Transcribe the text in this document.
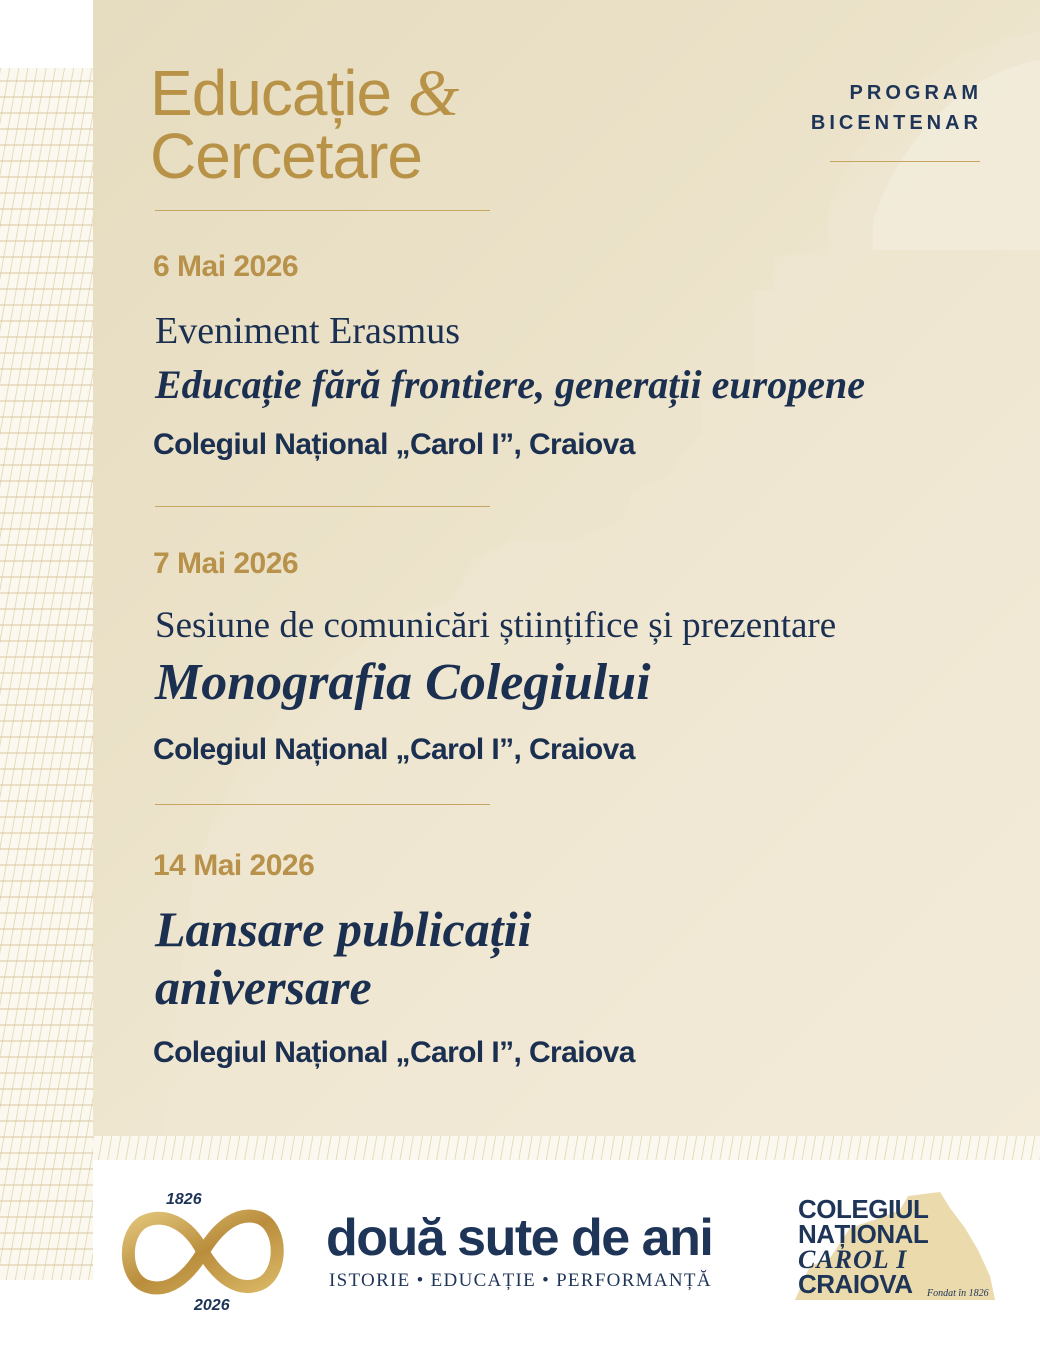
Educație &
Cercetare
PROGRAM
BICENTENAR
6 Mai 2026
Eveniment Erasmus
Educație fără frontiere, generații europene
Colegiul Național „Carol I”, Craiova
7 Mai 2026
Sesiune de comunicări științifice și prezentare
Monografia Colegiului
Colegiul Național „Carol I”, Craiova
14 Mai 2026
Lansare publicații
aniversare
Colegiul Național „Carol I”, Craiova
1826
2026
două sute de ani
ISTORIE • EDUCAȚIE • PERFORMANȚĂ
COLEGIUL
NAȚIONAL
CAROL I
CRAIOVA	Fondat în 1826
